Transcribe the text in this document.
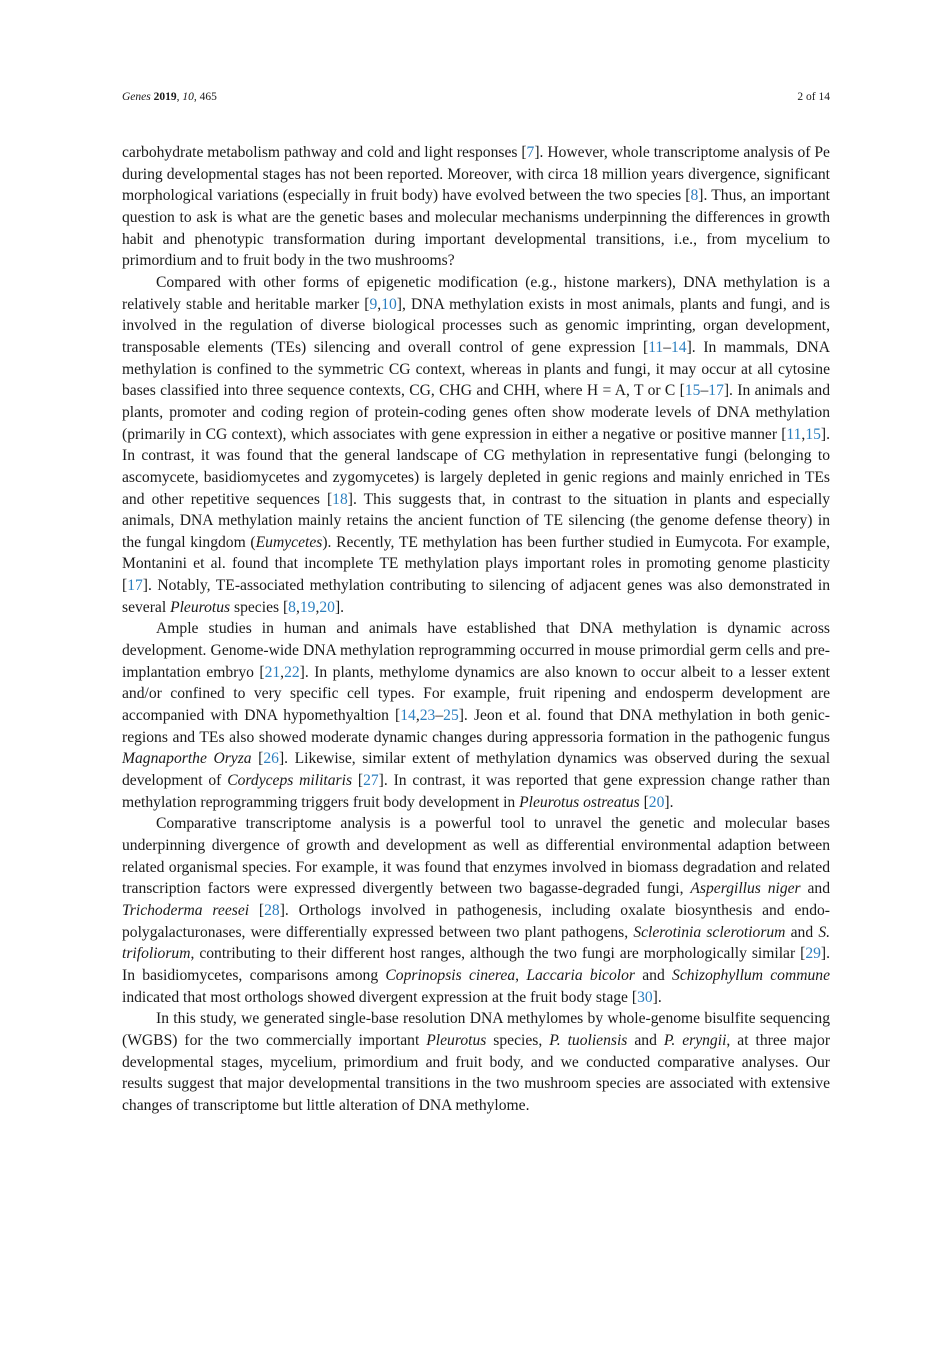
Genes 2019, 10, 465	2 of 14

carbohydrate metabolism pathway and cold and light responses [7]. However, whole transcriptome analysis of Pe during developmental stages has not been reported. Moreover, with circa 18 million years divergence, significant morphological variations (especially in fruit body) have evolved between the two species [8]. Thus, an important question to ask is what are the genetic bases and molecular mechanisms underpinning the differences in growth habit and phenotypic transformation during important developmental transitions, i.e., from mycelium to primordium and to fruit body in the two mushrooms?

Compared with other forms of epigenetic modification (e.g., histone markers), DNA methylation is a relatively stable and heritable marker [9,10], DNA methylation exists in most animals, plants and fungi, and is involved in the regulation of diverse biological processes such as genomic imprinting, organ development, transposable elements (TEs) silencing and overall control of gene expression [11–14]. In mammals, DNA methylation is confined to the symmetric CG context, whereas in plants and fungi, it may occur at all cytosine bases classified into three sequence contexts, CG, CHG and CHH, where H = A, T or C [15–17]. In animals and plants, promoter and coding region of protein-coding genes often show moderate levels of DNA methylation (primarily in CG context), which associates with gene expression in either a negative or positive manner [11,15]. In contrast, it was found that the general landscape of CG methylation in representative fungi (belonging to ascomycete, basidiomycetes and zygomycetes) is largely depleted in genic regions and mainly enriched in TEs and other repetitive sequences [18]. This suggests that, in contrast to the situation in plants and especially animals, DNA methylation mainly retains the ancient function of TE silencing (the genome defense theory) in the fungal kingdom (Eumycetes). Recently, TE methylation has been further studied in Eumycota. For example, Montanini et al. found that incomplete TE methylation plays important roles in promoting genome plasticity [17]. Notably, TE-associated methylation contributing to silencing of adjacent genes was also demonstrated in several Pleurotus species [8,19,20].

Ample studies in human and animals have established that DNA methylation is dynamic across development. Genome-wide DNA methylation reprogramming occurred in mouse primordial germ cells and pre-implantation embryo [21,22]. In plants, methylome dynamics are also known to occur albeit to a lesser extent and/or confined to very specific cell types. For example, fruit ripening and endosperm development are accompanied with DNA hypomethyaltion [14,23–25]. Jeon et al. found that DNA methylation in both genic-regions and TEs also showed moderate dynamic changes during appressoria formation in the pathogenic fungus Magnaporthe Oryza [26]. Likewise, similar extent of methylation dynamics was observed during the sexual development of Cordyceps militaris [27]. In contrast, it was reported that gene expression change rather than methylation reprogramming triggers fruit body development in Pleurotus ostreatus [20].

Comparative transcriptome analysis is a powerful tool to unravel the genetic and molecular bases underpinning divergence of growth and development as well as differential environmental adaption between related organismal species. For example, it was found that enzymes involved in biomass degradation and related transcription factors were expressed divergently between two bagasse-degraded fungi, Aspergillus niger and Trichoderma reesei [28]. Orthologs involved in pathogenesis, including oxalate biosynthesis and endo-polygalacturonases, were differentially expressed between two plant pathogens, Sclerotinia sclerotiorum and S. trifoliorum, contributing to their different host ranges, although the two fungi are morphologically similar [29]. In basidiomycetes, comparisons among Coprinopsis cinerea, Laccaria bicolor and Schizophyllum commune indicated that most orthologs showed divergent expression at the fruit body stage [30].

In this study, we generated single-base resolution DNA methylomes by whole-genome bisulfite sequencing (WGBS) for the two commercially important Pleurotus species, P. tuoliensis and P. eryngii, at three major developmental stages, mycelium, primordium and fruit body, and we conducted comparative analyses. Our results suggest that major developmental transitions in the two mushroom species are associated with extensive changes of transcriptome but little alteration of DNA methylome.
